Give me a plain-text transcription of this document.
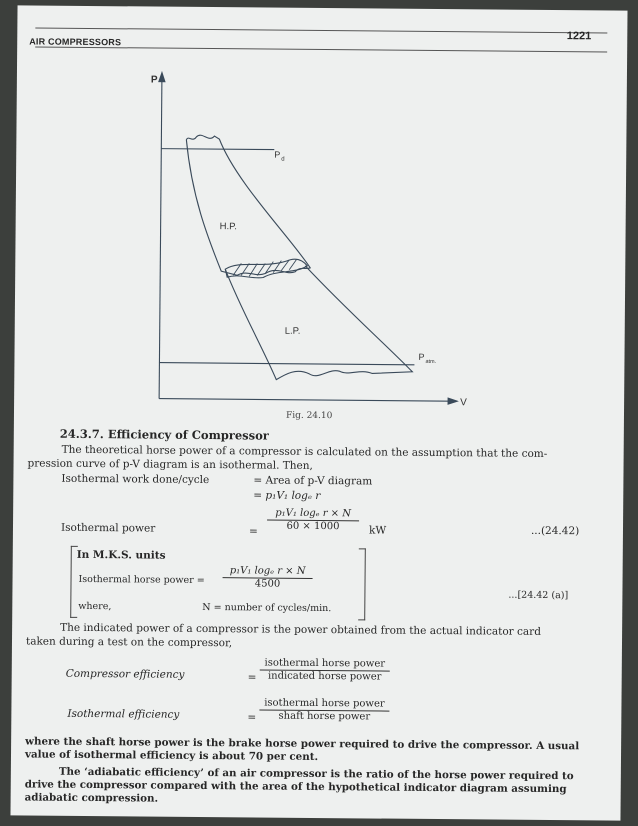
AIR COMPRESSORS	1221
P
V
P
d
H.P.
L.P.
P
atm.
Fig. 24.10
24.3.7. Efficiency of Compressor
The theoretical horse power of a compressor is calculated on the assumption that the com-
pression curve of p-V diagram is an isothermal. Then,
Isothermal work done/cycle	= Area of p-V diagram
= p₁V₁ logₑ r
Isothermal power	= $\frac{\text{p₁V₁ logₑ r × N}}{60 \times 1000}$ kW	...(24.42)
In M.K.S. units
Isothermal horse power = $\frac{\text{p₁V₁ logₑ r × N}}{4500}$
...[24.42 (a)]
where,	N = number of cycles/min.
The indicated power of a compressor is the power obtained from the actual indicator card
taken during a test on the compressor,
Compressor efficiency	=
isothermal horse power
indicated horse power
Isothermal efficiency	=
isothermal horse power
shaft horse power
where the shaft horse power is the brake horse power required to drive the compressor. A usual
value of isothermal efficiency is about 70 per cent.
The ‘adiabatic efficiency’ of an air compressor is the ratio of the horse power required to
drive the compressor compared with the area of the hypothetical indicator diagram assuming
adiabatic compression.
